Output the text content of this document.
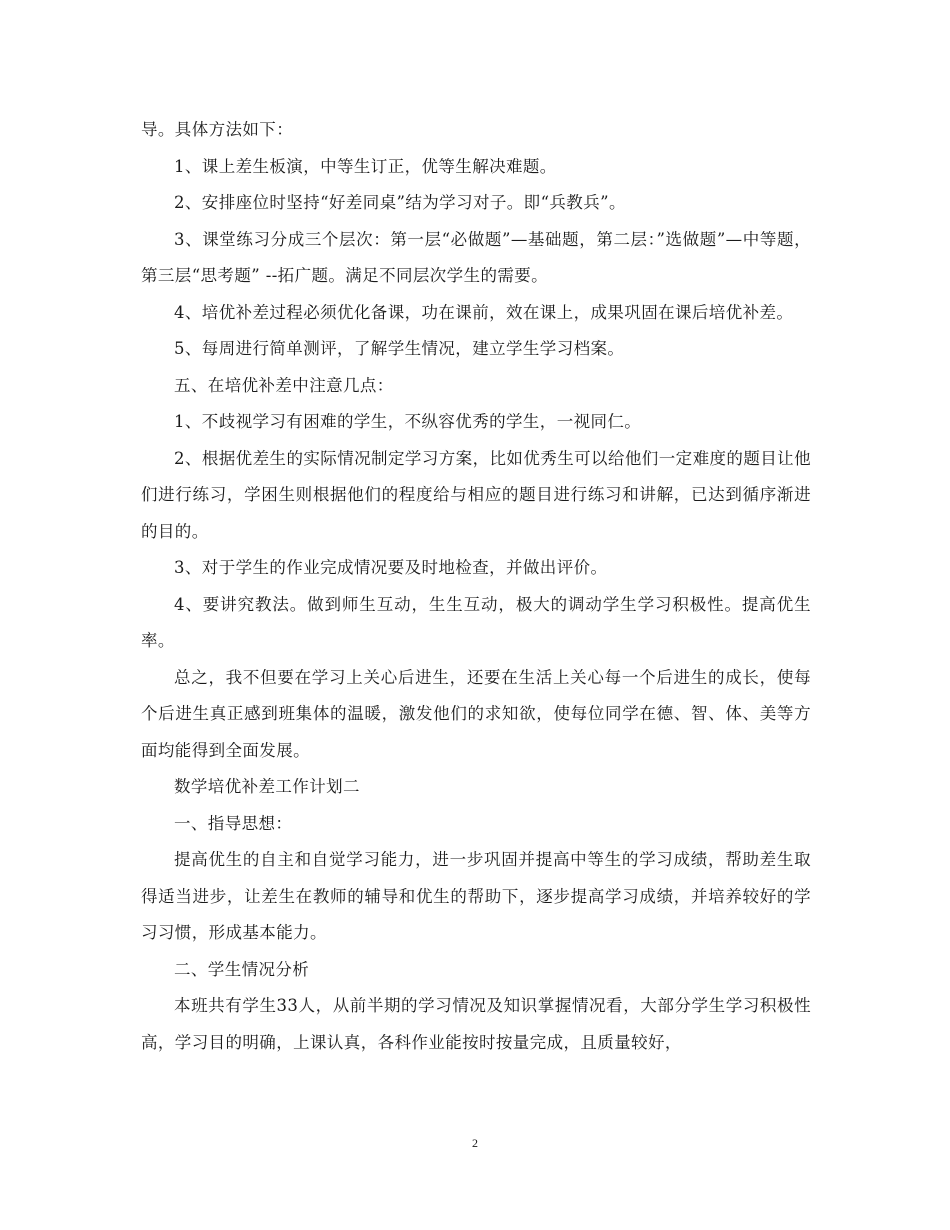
导。具体方法如下：

1、课上差生板演，中等生订正，优等生解决难题。

2、安排座位时坚持“好差同桌”结为学习对子。即“兵教兵”。

3、课堂练习分成三个层次：第一层“必做题”—基础题，第二层：”选做题”—中等题，第三层“思考题” --拓广题。满足不同层次学生的需要。

4、培优补差过程必须优化备课，功在课前，效在课上，成果巩固在课后培优补差。

5、每周进行简单测评，了解学生情况，建立学生学习档案。

五、在培优补差中注意几点：

1、不歧视学习有困难的学生，不纵容优秀的学生，一视同仁。

2、根据优差生的实际情况制定学习方案，比如优秀生可以给他们一定难度的题目让他们进行练习，学困生则根据他们的程度给与相应的题目进行练习和讲解，已达到循序渐进的目的。

3、对于学生的作业完成情况要及时地检查，并做出评价。

4、要讲究教法。做到师生互动，生生互动，极大的调动学生学习积极性。提高优生率。

总之，我不但要在学习上关心后进生，还要在生活上关心每一个后进生的成长，使每个后进生真正感到班集体的温暖，激发他们的求知欲，使每位同学在德、智、体、美等方面均能得到全面发展。

数学培优补差工作计划二

一、指导思想：

提高优生的自主和自觉学习能力，进一步巩固并提高中等生的学习成绩，帮助差生取得适当进步，让差生在教师的辅导和优生的帮助下，逐步提高学习成绩，并培养较好的学习习惯，形成基本能力。

二、学生情况分析

本班共有学生33人，从前半期的学习情况及知识掌握情况看，大部分学生学习积极性高，学习目的明确，上课认真，各科作业能按时按量完成，且质量较好，

2
